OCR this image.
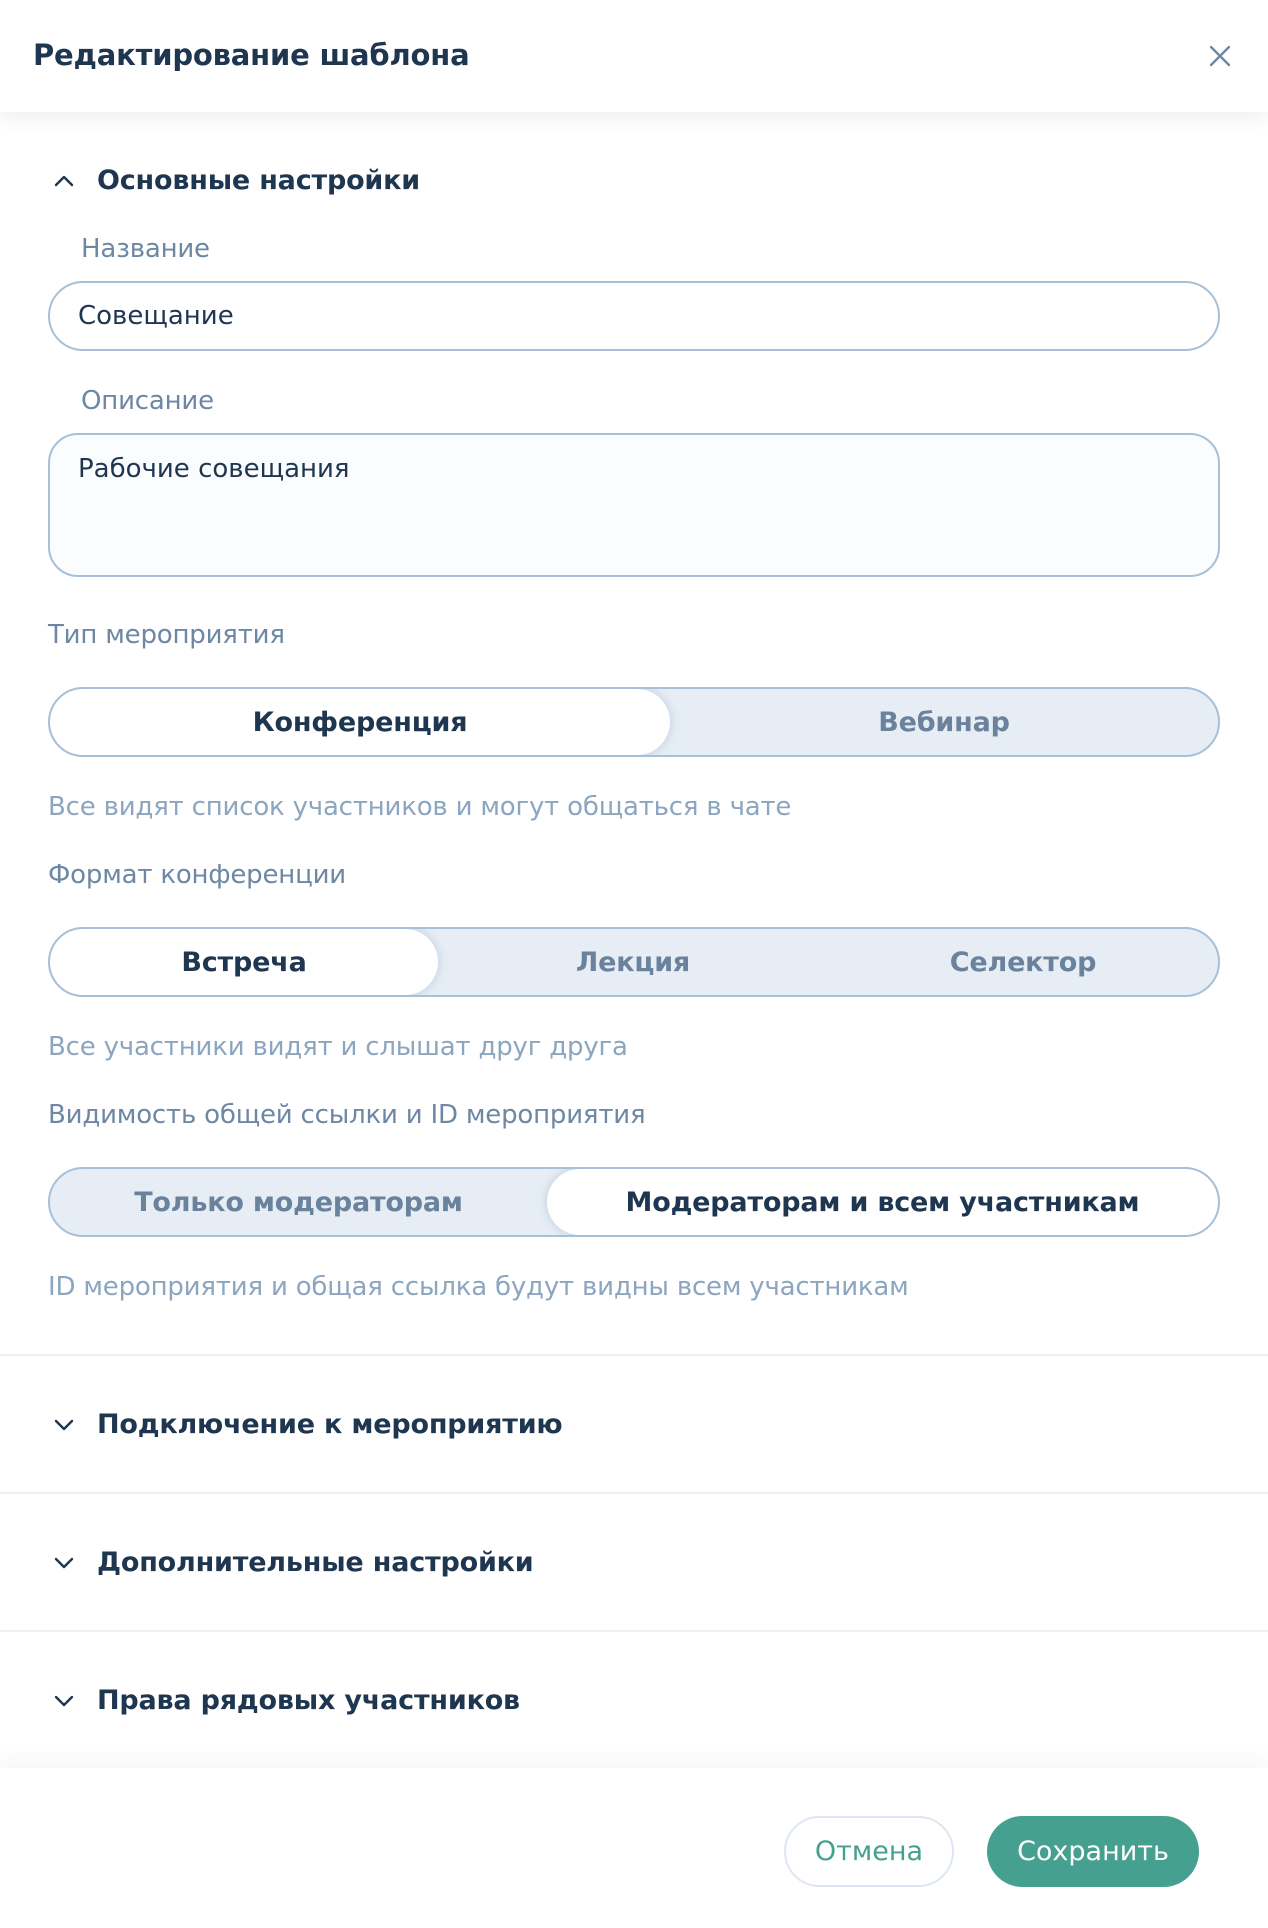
Редактирование шаблона
Основные настройки
Название
Совещание
Описание
Рабочие совещания
Тип мероприятия
Конференция	Вебинар
Все видят список участников и могут общаться в чате
Формат конференции
Встреча	Лекция	Селектор
Все участники видят и слышат друг друга
Видимость общей ссылки и ID мероприятия
Только модераторам	Модераторам и всем участникам
ID мероприятия и общая ссылка будут видны всем участникам
Подключение к мероприятию
Дополнительные настройки
Права рядовых участников
Отмена	Сохранить
